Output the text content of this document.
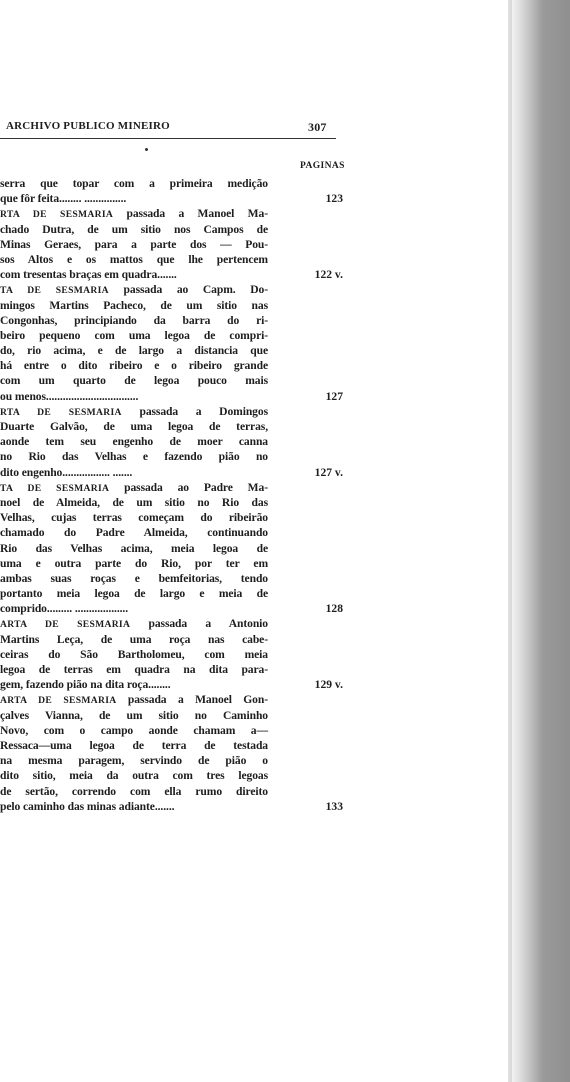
ARCHIVO PUBLICO MINEIRO	307
PAGINAS
serra que topar com a primeira medição
que fôr feita........ ...............	123
RTA DE SESMARIA passada a Manoel Ma-
chado Dutra, de um sitio nos Campos de
Minas Geraes, para a parte dos — Pou-
sos Altos e os mattos que lhe pertencem
com tresentas braças em quadra.......	122 v.
TA DE SESMARIA passada ao Capm. Do-
mingos Martins Pacheco, de um sitio nas
Congonhas, principiando da barra do ri-
beiro pequeno com uma legoa de compri-
do, rio acima, e de largo a distancia que
há entre o dito ribeiro e o ribeiro grande
com um quarto de legoa pouco mais
ou menos.................................	127
RTA DE SESMARIA passada a Domingos
Duarte Galvão, de uma legoa de terras,
aonde tem seu engenho de moer canna
no Rio das Velhas e fazendo pião no
dito engenho................. .......	127 v.
TA DE SESMARIA passada ao Padre Ma-
noel de Almeida, de um sitio no Rio das
Velhas, cujas terras começam do ribeirão
chamado do Padre Almeida, continuando
Rio das Velhas acima, meia legoa de
uma e outra parte do Rio, por ter em
ambas suas roças e bemfeitorias, tendo
portanto meia legoa de largo e meia de
comprido......... ...................	128
ARTA DE SESMARIA passada a Antonio
Martins Leça, de uma roça nas cabe-
ceiras do São Bartholomeu, com meia
legoa de terras em quadra na dita para-
gem, fazendo pião na dita roça........	129 v.
ARTA DE SESMARIA passada a Manoel Gon-
çalves Vianna, de um sitio no Caminho
Novo, com o campo aonde chamam a—
Ressaca—uma legoa de terra de testada
na mesma paragem, servindo de pião o
dito sitio, meia da outra com tres legoas
de sertão, correndo com ella rumo direito
pelo caminho das minas adiante.......	133
